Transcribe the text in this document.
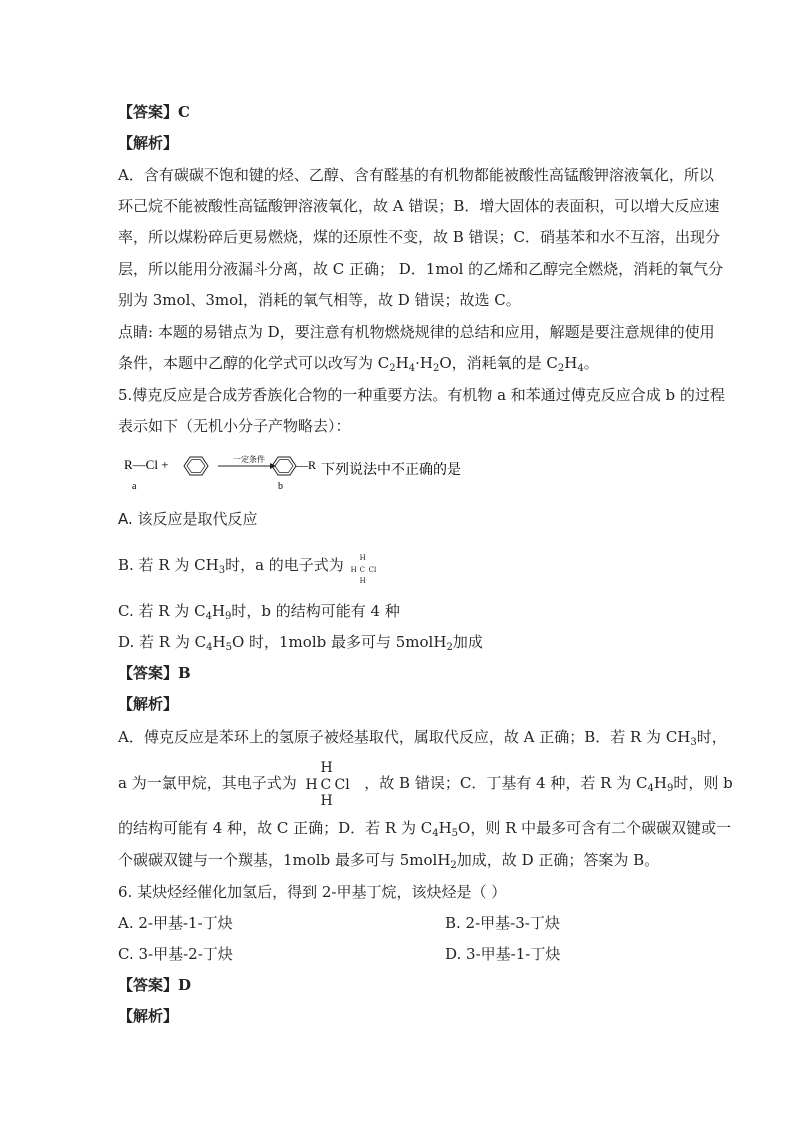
【答案】C
【解析】
A．含有碳碳不饱和键的烃、乙醇、含有醛基的有机物都能被酸性高锰酸钾溶液氧化，所以
环己烷不能被酸性高锰酸钾溶液氧化，故 A 错误；B．增大固体的表面积，可以增大反应速
率，所以煤粉碎后更易燃烧，煤的还原性不变，故 B 错误；C．硝基苯和水不互溶，出现分
层，所以能用分液漏斗分离，故 C 正确； D．1mol 的乙烯和乙醇完全燃烧，消耗的氧气分
别为 3mol、3mol，消耗的氧气相等，故 D 错误；故选 C。
点睛: 本题的易错点为 D，要注意有机物燃烧规律的总结和应用，解题是要注意规律的使用
条件，本题中乙醇的化学式可以改写为 $C_2H_4\cdot H_2O$，消耗氧的是 $C_2H_4$。
5.傅克反应是合成芳香族化合物的一种重要方法。有机物 a 和苯通过傅克反应合成 b 的过程
表示如下（无机小分子产物略去）：
R—Cl +	一定条件	—R
a	b
下列说法中不正确的是
A. 该反应是取代反应
B. 若 R 为 $CH_3$时，a 的电子式为 H
H C Cl
H
C. 若 R 为 $C_4H_9$时，b 的结构可能有 4 种
D. 若 R 为 $C_4H_5O$ 时，1molb 最多可与 5molH$_2$加成
【答案】B
【解析】
A．傅克反应是苯环上的氢原子被烃基取代，属取代反应，故 A 正确；B．若 R 为 $CH_3$时，
a 为一氯甲烷，其电子式为
H
H C Cl
H
，故 B 错误；C．丁基有 4 种，若 R 为 $C_4H_9$时，则 b
的结构可能有 4 种，故 C 正确；D．若 R 为 $C_4H_5O$，则 R 中最多可含有二个碳碳双键或一
个碳碳双键与一个羰基，1molb 最多可与 5molH$_2$加成，故 D 正确；答案为 B。
6. 某炔烃经催化加氢后，得到 2-甲基丁烷，该炔烃是（ ）
A. 2-甲基-1-丁炔	B. 2-甲基-3-丁炔
C. 3-甲基-2-丁炔	D. 3-甲基-1-丁炔
【答案】D
【解析】
